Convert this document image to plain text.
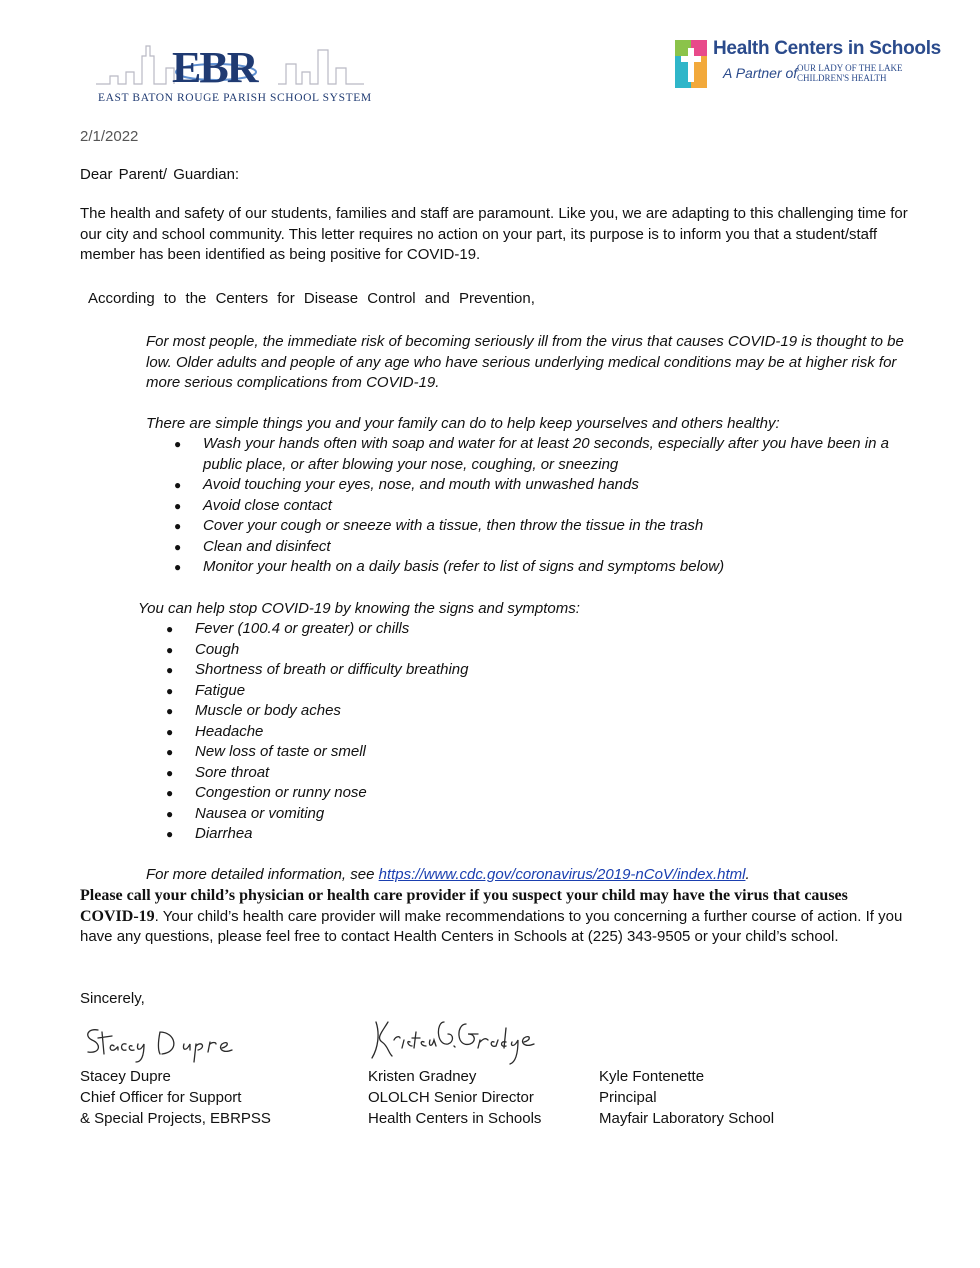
EBR
EAST BATON ROUGE PARISH SCHOOL SYSTEM
Health Centers in Schools
A Partner of OUR LADY OF THE LAKE
CHILDREN'S HEALTH
2/1/2022
Dear Parent/ Guardian:
The health and safety of our students, families and staff are paramount. Like you, we are adapting to this challenging time for our city and school community. This letter requires no action on your part, its purpose is to inform you that a student/staff member has been identified as being positive for COVID-19.
According to the Centers for Disease Control and Prevention,
For most people, the immediate risk of becoming seriously ill from the virus that causes COVID-19 is thought to be low. Older adults and people of any age who have serious underlying medical conditions may be at higher risk for more serious complications from COVID-19.
There are simple things you and your family can do to help keep yourselves and others healthy:
● Wash your hands often with soap and water for at least 20 seconds, especially after you have been in a public place, or after blowing your nose, coughing, or sneezing
● Avoid touching your eyes, nose, and mouth with unwashed hands
● Avoid close contact
● Cover your cough or sneeze with a tissue, then throw the tissue in the trash
● Clean and disinfect
● Monitor your health on a daily basis (refer to list of signs and symptoms below)
You can help stop COVID-19 by knowing the signs and symptoms:
● Fever (100.4 or greater) or chills
● Cough
● Shortness of breath or difficulty breathing
● Fatigue
● Muscle or body aches
● Headache
● New loss of taste or smell
● Sore throat
● Congestion or runny nose
● Nausea or vomiting
● Diarrhea
For more detailed information, see https://www.cdc.gov/coronavirus/2019-nCoV/index.html.
Please call your child’s physician or health care provider if you suspect your child may have the virus that causes COVID-19. Your child’s health care provider will make recommendations to you concerning a further course of action. If you have any questions, please feel free to contact Health Centers in Schools at (225) 343-9505 or your child’s school.
Sincerely,
Stacey Dupre
Chief Officer for Support
& Special Projects, EBRPSS
Kristen Gradney
OLOLCH Senior Director
Health Centers in Schools
Kyle Fontenette
Principal
Mayfair Laboratory School
